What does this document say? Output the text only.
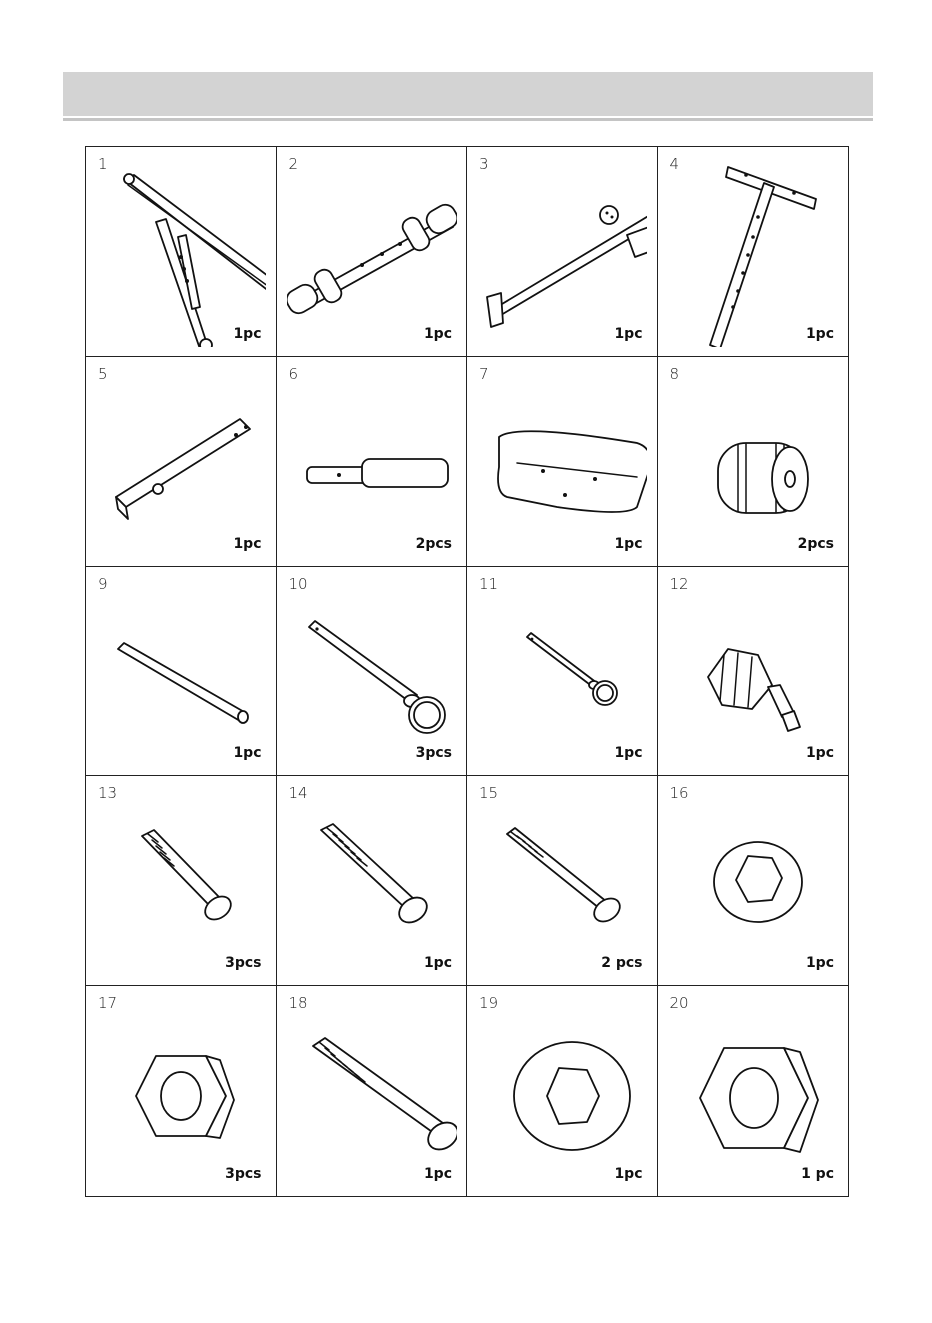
1
1pc
2
1pc
3
1pc
4
1pc
5
1pc
6
2pcs
7
1pc
8
2pcs
9
1pc
10
3pcs
11
1pc
12
1pc
13
3pcs
14
1pc
15
2 pcs
16
1pc
17
3pcs
18
1pc
19
1pc
20
1 pc
